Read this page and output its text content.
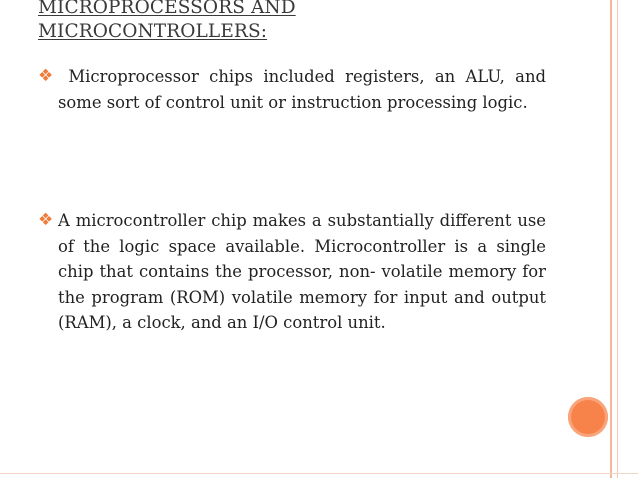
MICROPROCESSORS AND
MICROCONTROLLERS:
❖ Microprocessor chips included registers, an ALU, and some sort of control unit or instruction processing logic.
❖ A microcontroller chip makes a substantially different use of the logic space available. Microcontroller is a single chip that contains the processor, non- volatile memory for the program (ROM) volatile memory for input and output (RAM), a clock, and an I/O control unit.
